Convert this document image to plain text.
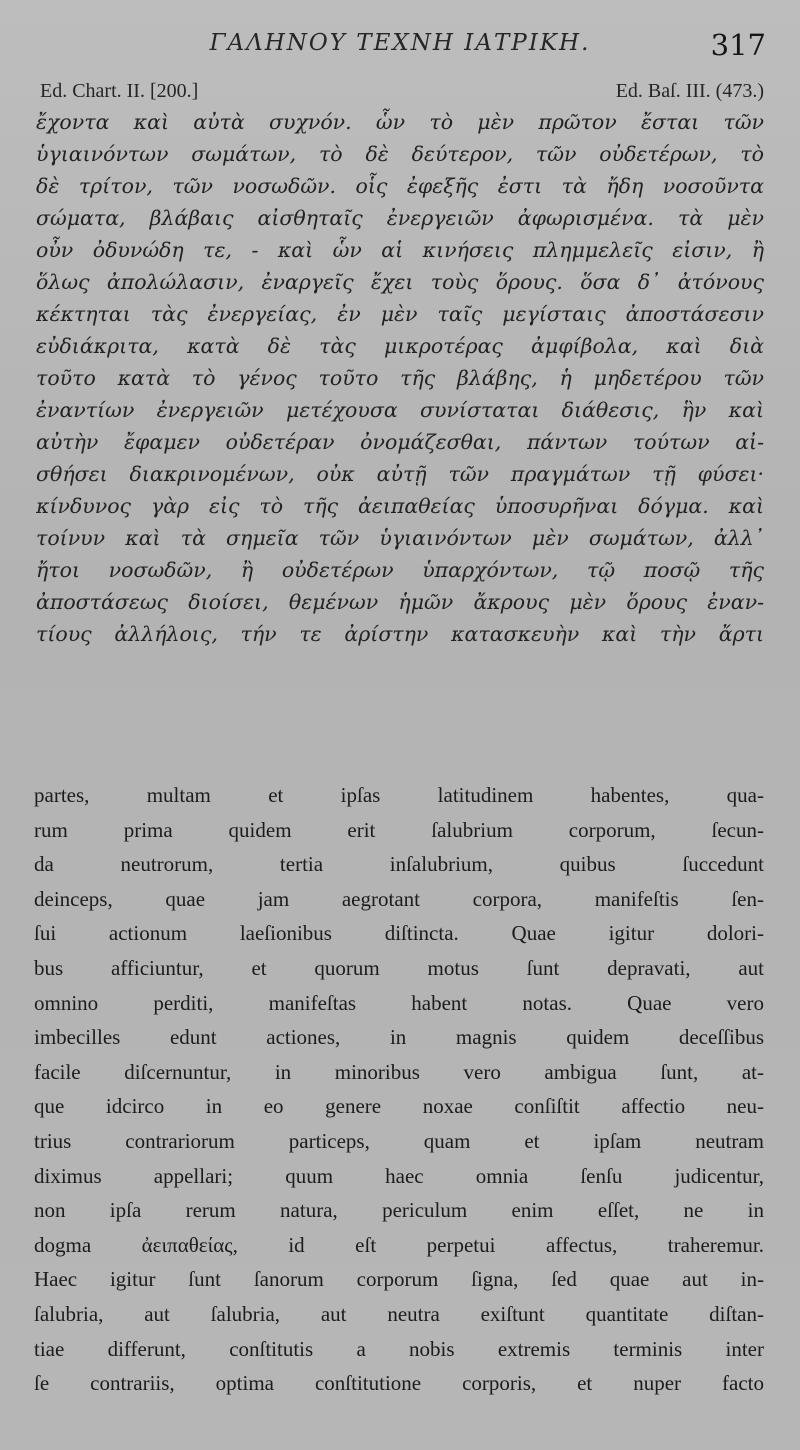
ΓΑΛΗΝΟΥ ΤΕΧΝΗ ΙΑΤΡΙΚΗ.	317
Ed. Chart. II. [200.]	Ed. Baſ. III. (473.)
ἔχοντα καὶ αὐτὰ συχνόν. ὧν τὸ μὲν πρῶτον ἔσται τῶν
ὑγιαινόντων σωμάτων, τὸ δὲ δεύτερον, τῶν οὐδετέρων, τὸ
δὲ τρίτον, τῶν νοσωδῶν. οἷς ἐφεξῆς ἐστι τὰ ἤδη νοσοῦντα
σώματα, βλάβαις αἰσθηταῖς ἐνεργειῶν ἀφωρισμένα. τὰ μὲν
οὖν ὀδυνώδη τε, - καὶ ὧν αἱ κινήσεις πλημμελεῖς εἰσιν, ἢ
ὅλως ἀπολώλασιν, ἐναργεῖς ἔχει τοὺς ὅρους. ὅσα δ᾽ ἀτόνους
κέκτηται τὰς ἐνεργείας, ἐν μὲν ταῖς μεγίσταις ἀποστάσεσιν
εὐδιάκριτα, κατὰ δὲ τὰς μικροτέρας ἀμφίβολα, καὶ διὰ
τοῦτο κατὰ τὸ γένος τοῦτο τῆς βλάβης, ἡ μηδετέρου τῶν
ἐναντίων ἐνεργειῶν μετέχουσα συνίσταται διάθεσις, ἣν καὶ
αὐτὴν ἔφαμεν οὐδετέραν ὀνομάζεσθαι, πάντων τούτων αἰ-
σθήσει διακρινομένων, οὐκ αὐτῇ τῶν πραγμάτων τῇ φύσει·
κίνδυνος γὰρ εἰς τὸ τῆς ἀειπαθείας ὑποσυρῆναι δόγμα. καὶ
τοίνυν καὶ τὰ σημεῖα τῶν ὑγιαινόντων μὲν σωμάτων, ἀλλ᾽
ἤτοι νοσωδῶν, ἢ οὐδετέρων ὑπαρχόντων, τῷ ποσῷ τῆς
ἀποστάσεως διοίσει, θεμένων ἡμῶν ἄκρους μὲν ὅρους ἐναν-
τίους ἀλλήλοις, τήν τε ἀρίστην κατασκευὴν καὶ τὴν ἄρτι
partes, multam et ipſas latitudinem habentes, qua-
rum prima quidem erit ſalubrium corporum, ſecun-
da neutrorum, tertia inſalubrium, quibus ſuccedunt
deinceps, quae jam aegrotant corpora, manifeſtis ſen-
ſui actionum laeſionibus diſtincta. Quae igitur dolori-
bus afficiuntur, et quorum motus ſunt depravati, aut
omnino perditi, manifeſtas habent notas. Quae vero
imbecilles edunt actiones, in magnis quidem deceſſibus
facile diſcernuntur, in minoribus vero ambigua ſunt, at-
que idcirco in eo genere noxae conſiſtit affectio neu-
trius contrariorum particeps, quam et ipſam neutram
diximus appellari; quum haec omnia ſenſu judicentur,
non ipſa rerum natura, periculum enim eſſet, ne in
dogma ἀειπαθείας, id eſt perpetui affectus, traheremur.
Haec igitur ſunt ſanorum corporum ſigna, ſed quae aut in-
ſalubria, aut ſalubria, aut neutra exiſtunt quantitate diſtan-
tiae differunt, conſtitutis a nobis extremis terminis inter
ſe contrariis, optima conſtitutione corporis, et nuper facto
